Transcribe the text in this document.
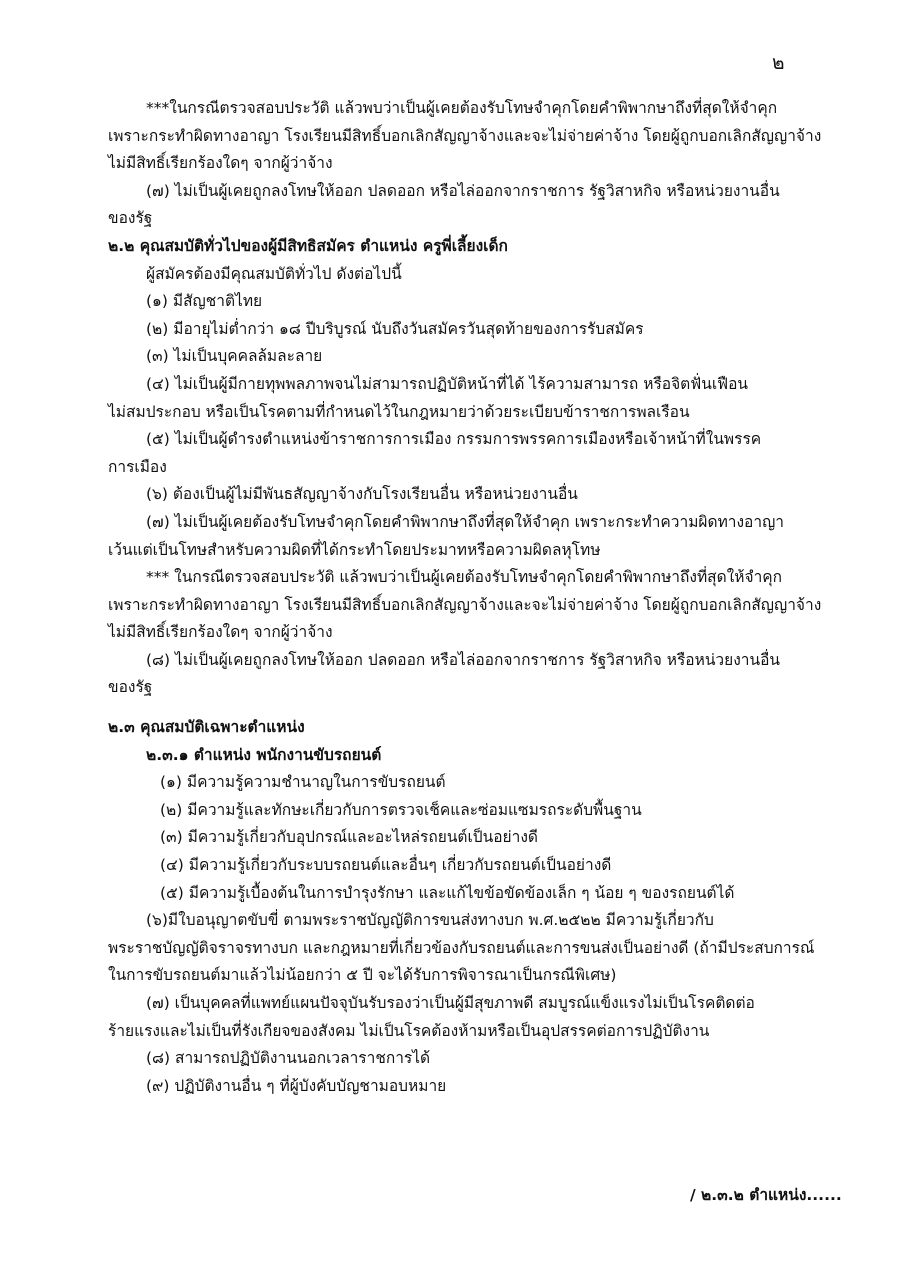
๒

***ในกรณีตรวจสอบประวัติ แล้วพบว่าเป็นผู้เคยต้องรับโทษจำคุกโดยคำพิพากษาถึงที่สุดให้จำคุก

เพราะกระทำผิดทางอาญา โรงเรียนมีสิทธิ์บอกเลิกสัญญาจ้างและจะไม่จ่ายค่าจ้าง โดยผู้ถูกบอกเลิกสัญญาจ้าง

ไม่มีสิทธิ์เรียกร้องใดๆ จากผู้ว่าจ้าง

(๗) ไม่เป็นผู้เคยถูกลงโทษให้ออก ปลดออก หรือไล่ออกจากราชการ รัฐวิสาหกิจ หรือหน่วยงานอื่น

ของรัฐ

๒.๒ คุณสมบัติทั่วไปของผู้มีสิทธิสมัคร ตำแหน่ง ครูพี่เลี้ยงเด็ก

ผู้สมัครต้องมีคุณสมบัติทั่วไป ดังต่อไปนี้

(๑) มีสัญชาติไทย

(๒) มีอายุไม่ต่ำกว่า ๑๘ ปีบริบูรณ์ นับถึงวันสมัครวันสุดท้ายของการรับสมัคร

(๓) ไม่เป็นบุคคลล้มละลาย

(๔) ไม่เป็นผู้มีกายทุพพลภาพจนไม่สามารถปฏิบัติหน้าที่ได้ ไร้ความสามารถ หรือจิตฟั่นเฟือน

ไม่สมประกอบ หรือเป็นโรคตามที่กำหนดไว้ในกฎหมายว่าด้วยระเบียบข้าราชการพลเรือน

(๕) ไม่เป็นผู้ดำรงตำแหน่งข้าราชการการเมือง กรรมการพรรคการเมืองหรือเจ้าหน้าที่ในพรรค

การเมือง

(๖) ต้องเป็นผู้ไม่มีพันธสัญญาจ้างกับโรงเรียนอื่น หรือหน่วยงานอื่น

(๗) ไม่เป็นผู้เคยต้องรับโทษจำคุกโดยคำพิพากษาถึงที่สุดให้จำคุก เพราะกระทำความผิดทางอาญา

เว้นแต่เป็นโทษสำหรับความผิดที่ได้กระทำโดยประมาทหรือความผิดลหุโทษ

*** ในกรณีตรวจสอบประวัติ แล้วพบว่าเป็นผู้เคยต้องรับโทษจำคุกโดยคำพิพากษาถึงที่สุดให้จำคุก

เพราะกระทำผิดทางอาญา โรงเรียนมีสิทธิ์บอกเลิกสัญญาจ้างและจะไม่จ่ายค่าจ้าง โดยผู้ถูกบอกเลิกสัญญาจ้าง

ไม่มีสิทธิ์เรียกร้องใดๆ จากผู้ว่าจ้าง

(๘) ไม่เป็นผู้เคยถูกลงโทษให้ออก ปลดออก หรือไล่ออกจากราชการ รัฐวิสาหกิจ หรือหน่วยงานอื่น

ของรัฐ

๒.๓ คุณสมบัติเฉพาะตำแหน่ง

๒.๓.๑ ตำแหน่ง พนักงานขับรถยนต์

(๑) มีความรู้ความชำนาญในการขับรถยนต์

(๒) มีความรู้และทักษะเกี่ยวกับการตรวจเช็คและซ่อมแซมรถระดับพื้นฐาน

(๓) มีความรู้เกี่ยวกับอุปกรณ์และอะไหล่รถยนต์เป็นอย่างดี

(๔) มีความรู้เกี่ยวกับระบบรถยนต์และอื่นๆ เกี่ยวกับรถยนต์เป็นอย่างดี

(๕) มีความรู้เบื้องต้นในการบำรุงรักษา และแก้ไขข้อขัดข้องเล็ก ๆ น้อย ๆ ของรถยนต์ได้

(๖)มีใบอนุญาตขับขี่ ตามพระราชบัญญัติการขนส่งทางบก พ.ศ.๒๕๒๒ มีความรู้เกี่ยวกับ

พระราชบัญญัติจราจรทางบก และกฎหมายที่เกี่ยวข้องกับรถยนต์และการขนส่งเป็นอย่างดี (ถ้ามีประสบการณ์

ในการขับรถยนต์มาแล้วไม่น้อยกว่า ๕ ปี จะได้รับการพิจารณาเป็นกรณีพิเศษ)

(๗) เป็นบุคคลที่แพทย์แผนปัจจุบันรับรองว่าเป็นผู้มีสุขภาพดี สมบูรณ์แข็งแรงไม่เป็นโรคติดต่อ

ร้ายแรงและไม่เป็นที่รังเกียจของสังคม ไม่เป็นโรคต้องห้ามหรือเป็นอุปสรรคต่อการปฏิบัติงาน

(๘) สามารถปฏิบัติงานนอกเวลาราชการได้

(๙) ปฏิบัติงานอื่น ๆ ที่ผู้บังคับบัญชามอบหมาย

/ ๒.๓.๒ ตำแหน่ง......
